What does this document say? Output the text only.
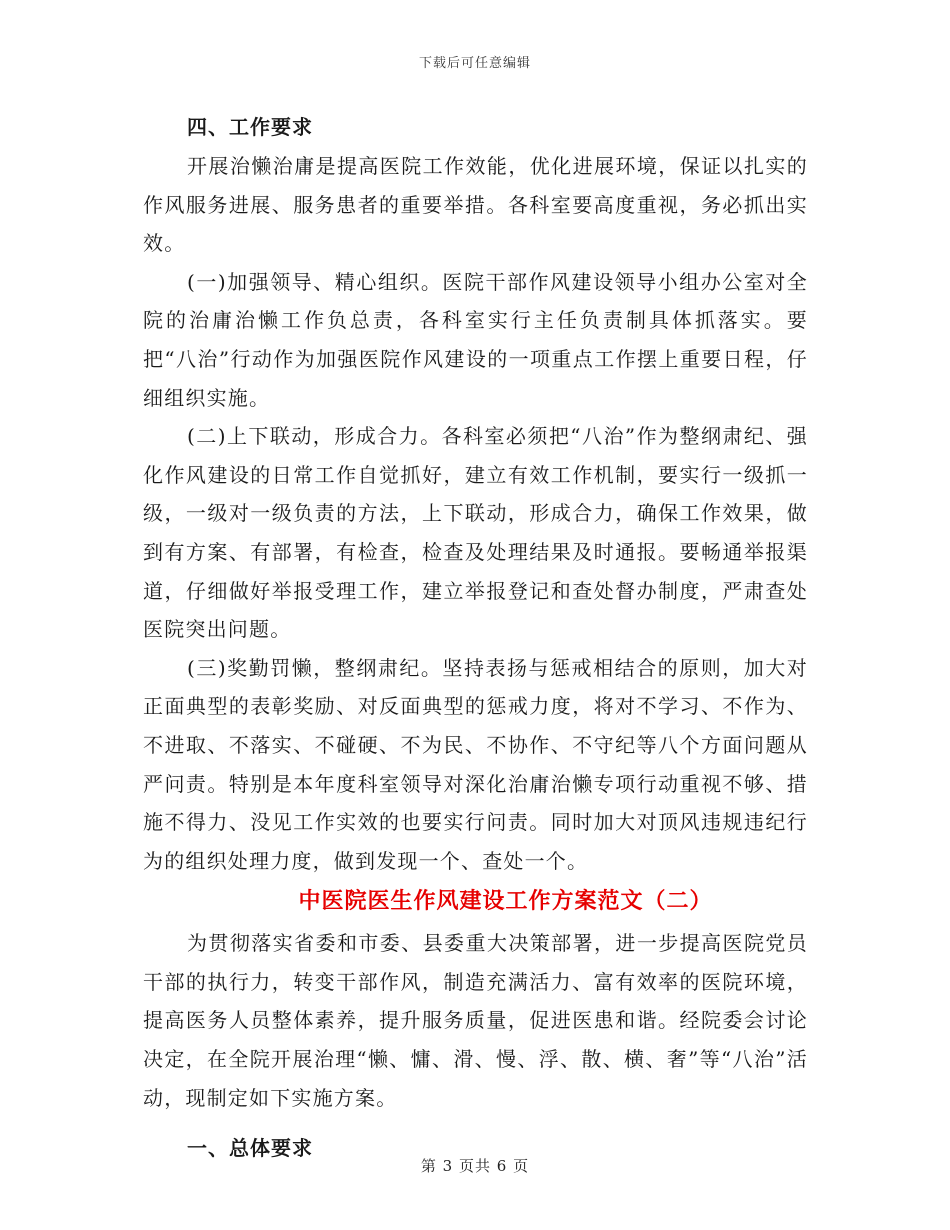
下载后可任意编辑
四、工作要求

开展治懒治庸是提高医院工作效能，优化进展环境，保证以扎实的作风服务进展、服务患者的重要举措。各科室要高度重视，务必抓出实效。

(一)加强领导、精心组织。医院干部作风建设领导小组办公室对全院的治庸治懒工作负总责，各科室实行主任负责制具体抓落实。要把“八治”行动作为加强医院作风建设的一项重点工作摆上重要日程，仔细组织实施。

(二)上下联动，形成合力。各科室必须把“八治”作为整纲肃纪、强化作风建设的日常工作自觉抓好，建立有效工作机制，要实行一级抓一级，一级对一级负责的方法，上下联动，形成合力，确保工作效果，做到有方案、有部署，有检查，检查及处理结果及时通报。要畅通举报渠道，仔细做好举报受理工作，建立举报登记和查处督办制度，严肃查处医院突出问题。

(三)奖勤罚懒，整纲肃纪。坚持表扬与惩戒相结合的原则，加大对正面典型的表彰奖励、对反面典型的惩戒力度，将对不学习、不作为、不进取、不落实、不碰硬、不为民、不协作、不守纪等八个方面问题从严问责。特别是本年度科室领导对深化治庸治懒专项行动重视不够、措施不得力、没见工作实效的也要实行问责。同时加大对顶风违规违纪行为的组织处理力度，做到发现一个、查处一个。

中医院医生作风建设工作方案范文（二）

为贯彻落实省委和市委、县委重大决策部署，进一步提高医院党员干部的执行力，转变干部作风，制造充满活力、富有效率的医院环境，提高医务人员整体素养，提升服务质量，促进医患和谐。经院委会讨论决定，在全院开展治理“懒、慵、滑、慢、浮、散、横、奢”等“八治”活动，现制定如下实施方案。

一、总体要求
第 3 页共 6 页
